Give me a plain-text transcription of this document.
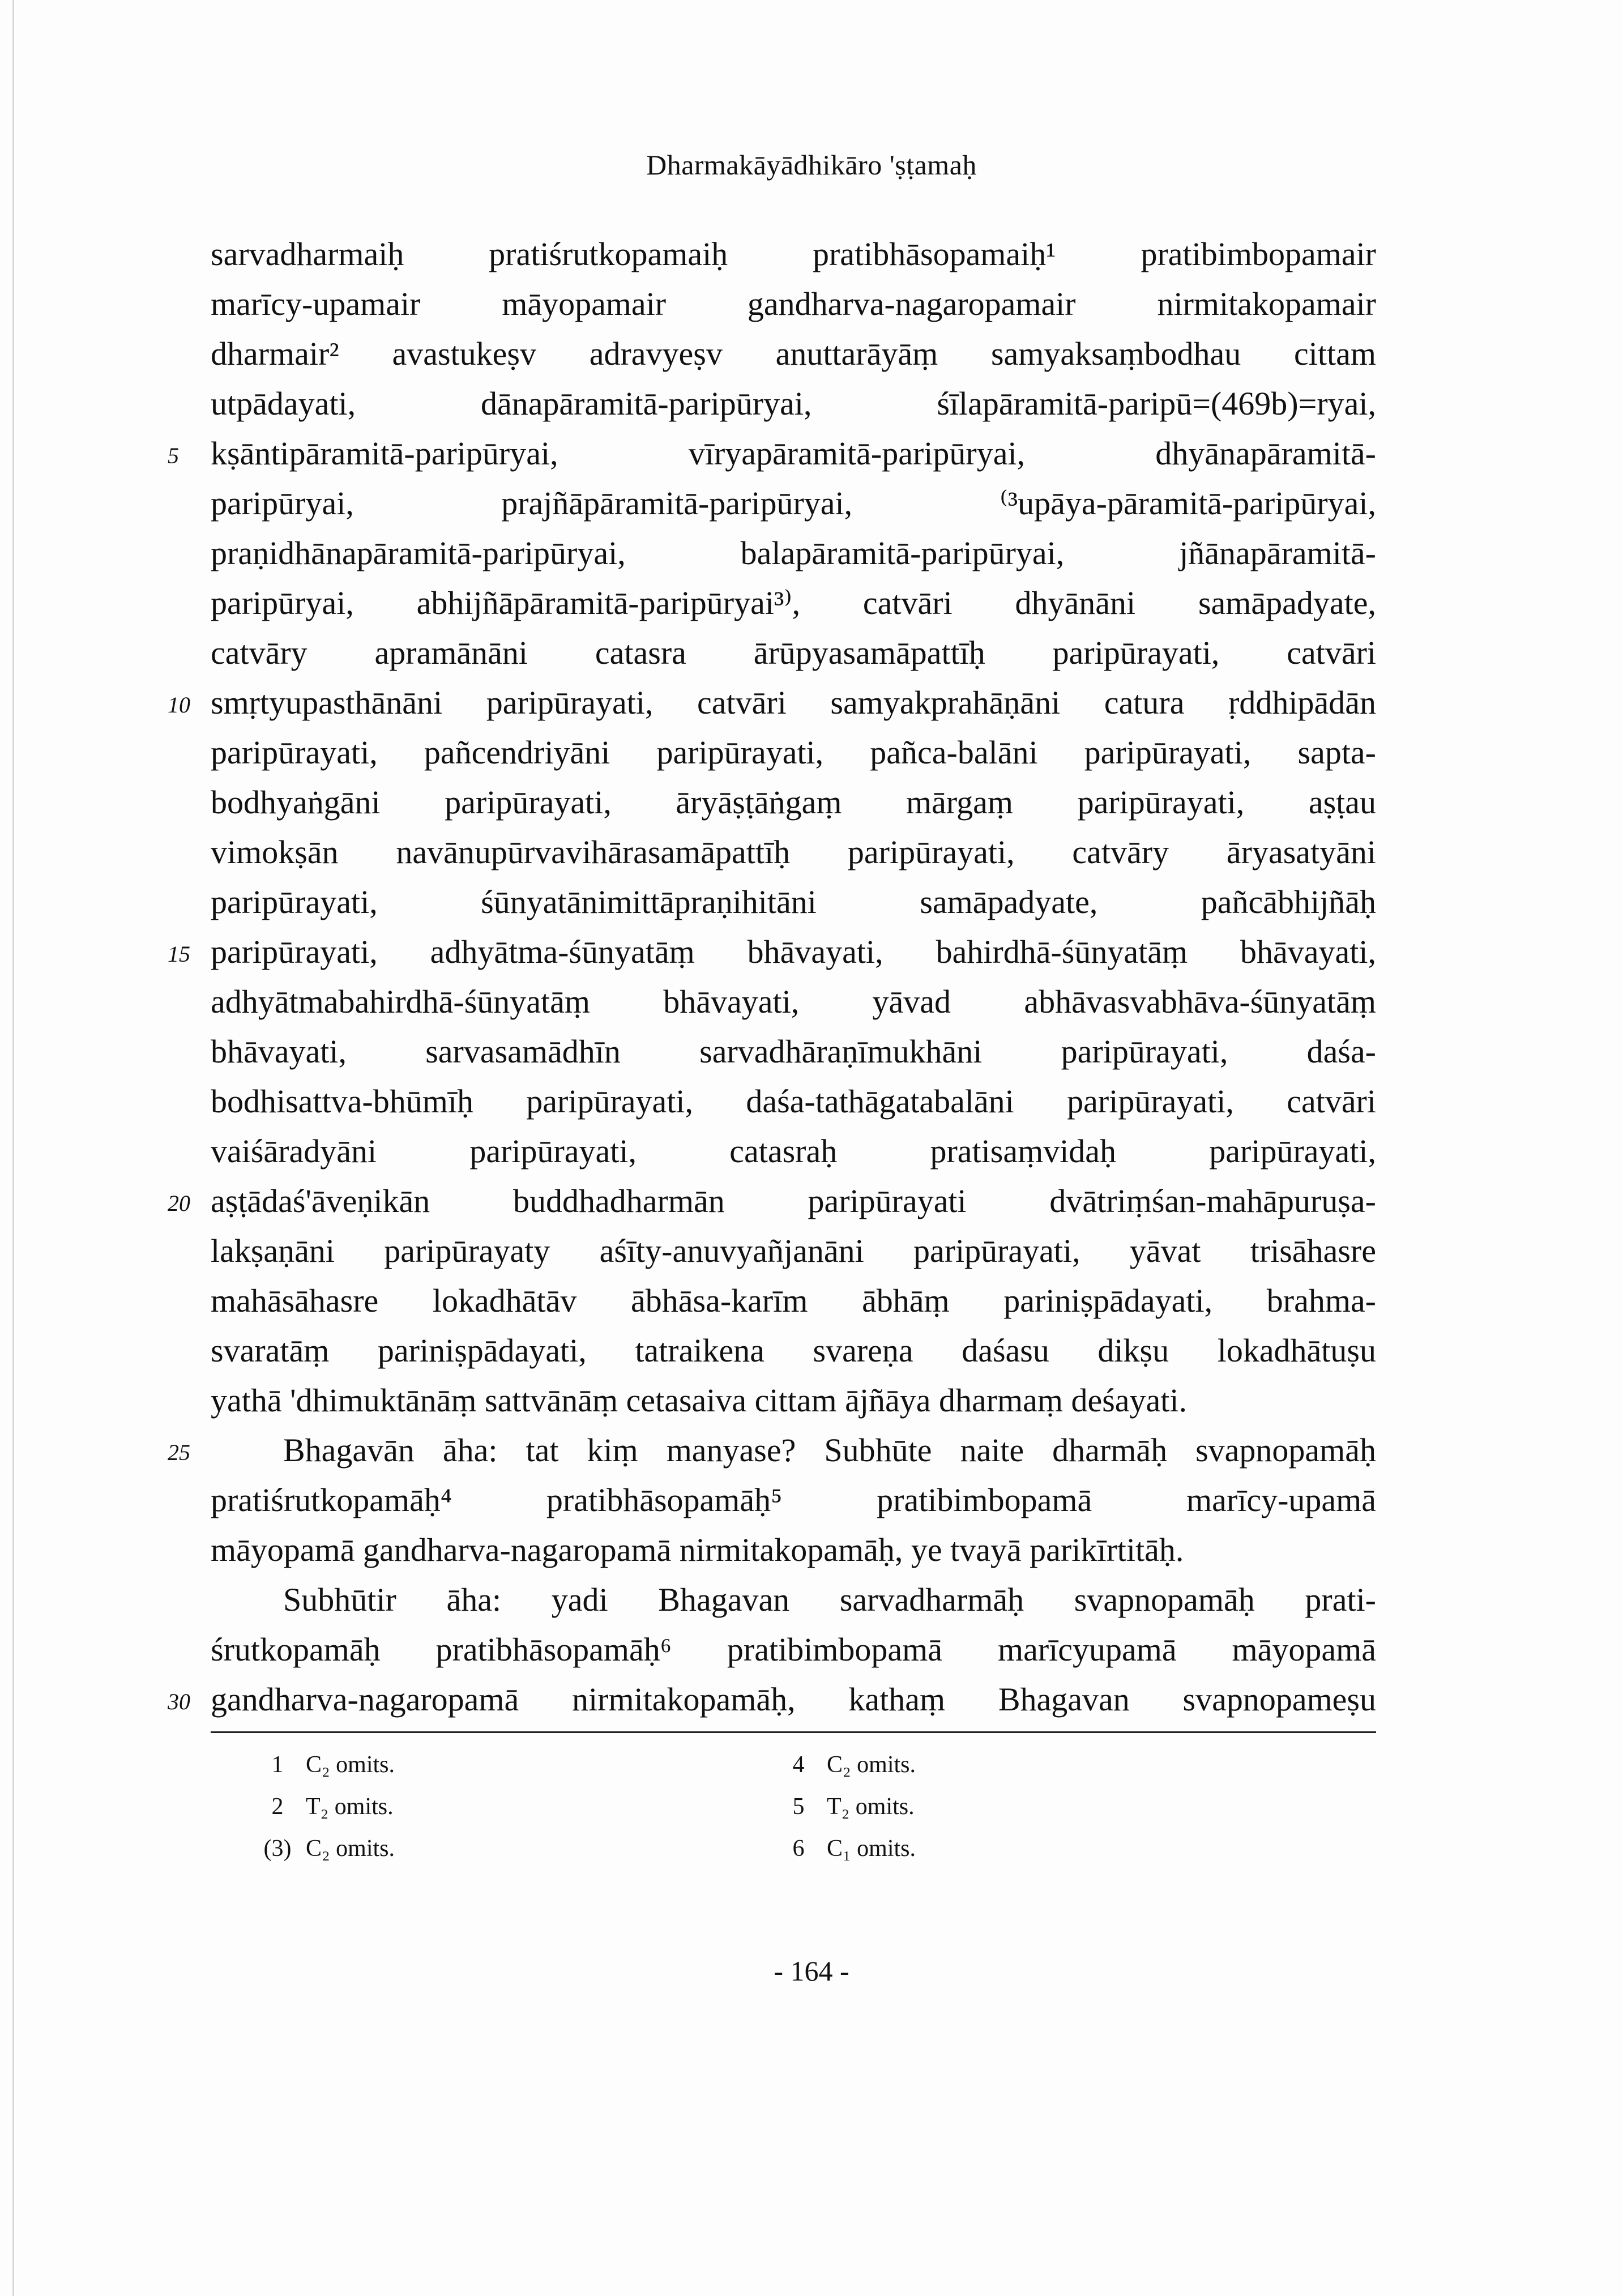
Dharmakāyādhikāro 'ṣṭamaḥ
sarvadharmaiḥ pratiśrutkopamaiḥ pratibhāsopamaiḥ¹ pratibimbopamair
marīcy-upamair māyopamair gandharva-nagaropamair nirmitakopamair
dharmair² avastukeṣv adravyeṣv anuttarāyāṃ samyaksaṃbodhau cittam
utpādayati, dānapāramitā-paripūryai, śīlapāramitā-paripū=(469b)=ryai,
5 kṣāntipāramitā-paripūryai, vīryapāramitā-paripūryai, dhyānapāramitā-
paripūryai, prajñāpāramitā-paripūryai, ⁽³upāya-pāramitā-paripūryai,
praṇidhānapāramitā-paripūryai, balapāramitā-paripūryai, jñānapāramitā-
paripūryai, abhijñāpāramitā-paripūryai³⁾, catvāri dhyānāni samāpadyate,
catvāry apramānāni catasra ārūpyasamāpattīḥ paripūrayati, catvāri
10 smṛtyupasthānāni paripūrayati, catvāri samyakprahāṇāni catura ṛddhipādān
paripūrayati, pañcendriyāni paripūrayati, pañca-balāni paripūrayati, sapta-
bodhyaṅgāni paripūrayati, āryāṣṭāṅgaṃ mārgaṃ paripūrayati, aṣṭau
vimokṣān navānupūrvavihārasamāpattīḥ paripūrayati, catvāry āryasatyāni
paripūrayati, śūnyatānimittāpraṇihitāni samāpadyate, pañcābhijñāḥ
15 paripūrayati, adhyātma-śūnyatāṃ bhāvayati, bahirdhā-śūnyatāṃ bhāvayati,
adhyātmabahirdhā-śūnyatāṃ bhāvayati, yāvad abhāvasvabhāva-śūnyatāṃ
bhāvayati, sarvasamādhīn sarvadhāraṇīmukhāni paripūrayati, daśa-
bodhisattva-bhūmīḥ paripūrayati, daśa-tathāgatabalāni paripūrayati, catvāri
vaiśāradyāni paripūrayati, catasraḥ pratisaṃvidaḥ paripūrayati,
20 aṣṭādaś'āveṇikān buddhadharmān paripūrayati dvātriṃśan-mahāpuruṣa-
lakṣaṇāni paripūrayaty aśīty-anuvyañjanāni paripūrayati, yāvat trisāhasre
mahāsāhasre lokadhātāv ābhāsa-karīm ābhāṃ pariniṣpādayati, brahma-
svaratāṃ pariniṣpādayati, tatraikena svareṇa daśasu dikṣu lokadhātuṣu
yathā 'dhimuktānāṃ sattvānāṃ cetasaiva cittam ājñāya dharmaṃ deśayati.
25	Bhagavān āha: tat kiṃ manyase? Subhūte naite dharmāḥ svapnopamāḥ
pratiśrutkopamāḥ⁴ pratibhāsopamāḥ⁵ pratibimbopamā marīcy-upamā
māyopamā gandharva-nagaropamā nirmitakopamāḥ, ye tvayā parikīrtitāḥ.
Subhūtir āha: yadi Bhagavan sarvadharmāḥ svapnopamāḥ prati-
śrutkopamāḥ pratibhāsopamāḥ⁶ pratibimbopamā marīcyupamā māyopamā
30 gandharva-nagaropamā nirmitakopamāḥ, kathaṃ Bhagavan svapnopameṣu
1 C₂ omits.
2 T₂ omits.
(3) C₂ omits.
4 C₂ omits.
5 T₂ omits.
6 C₁ omits.
- 164 -
